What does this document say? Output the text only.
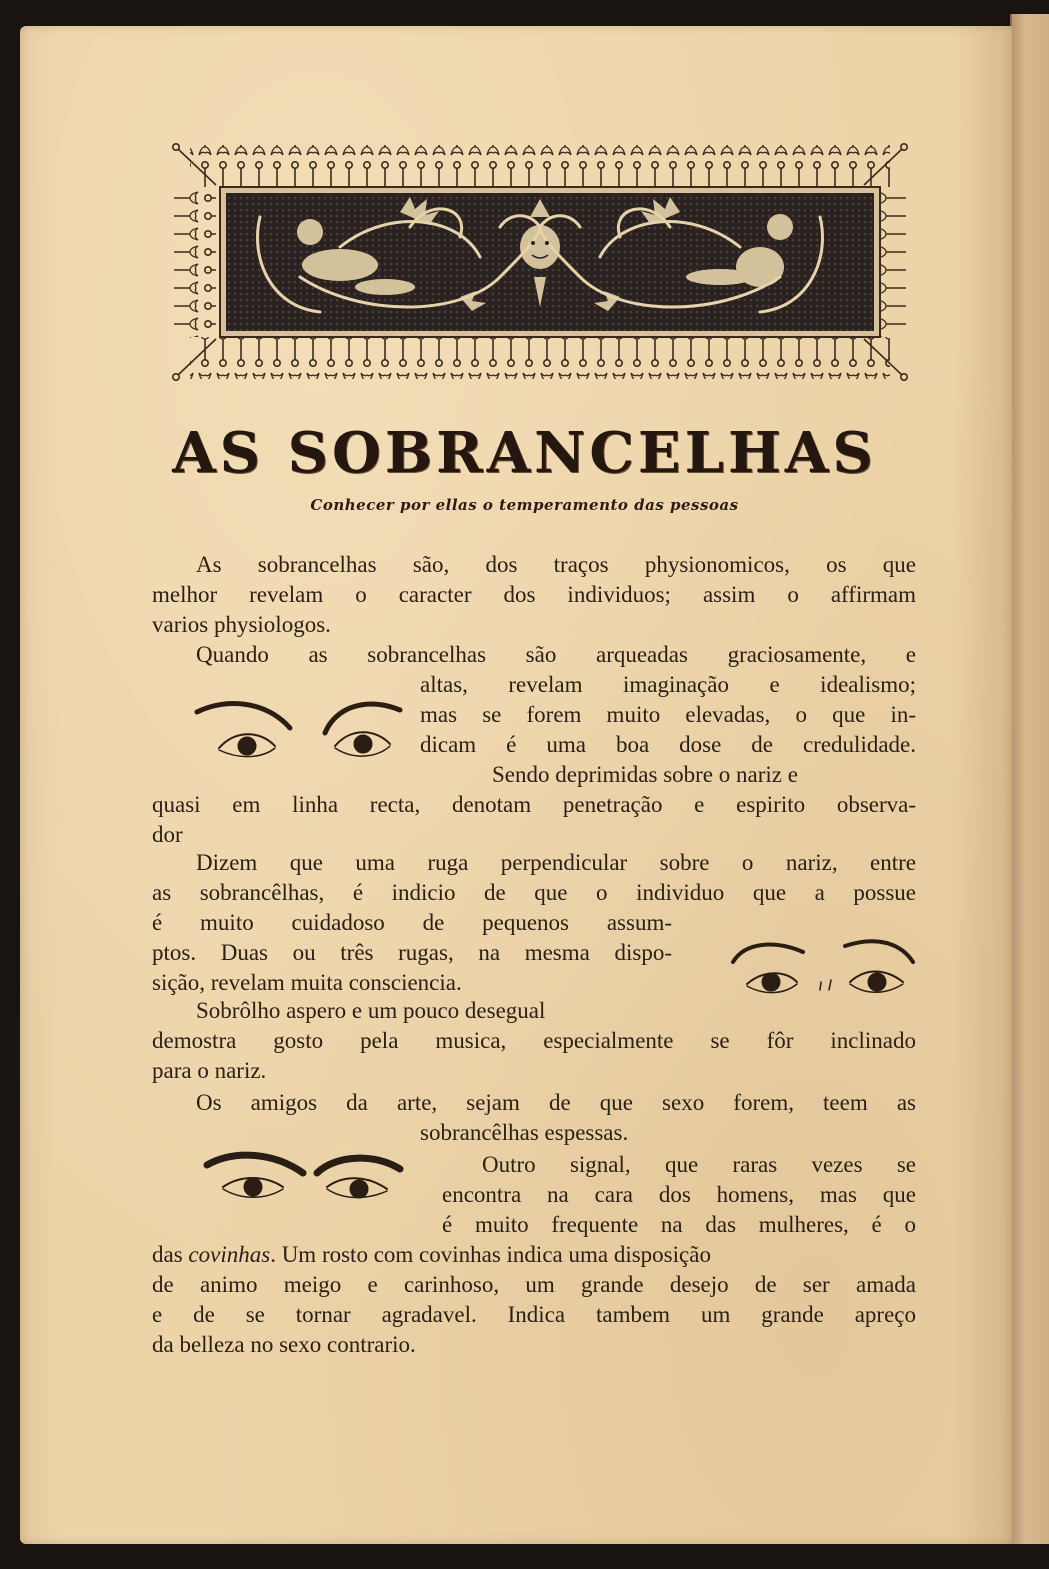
AS SOBRANCELHAS
Conhecer por ellas o temperamento das pessoas
As sobrancelhas são, dos traços physionomicos, os que
melhor revelam o caracter dos individuos; assim o affirmam
varios physiologos.
Quando as sobrancelhas são arqueadas graciosamente, e
altas, revelam imaginação e idealismo;
mas se forem muito elevadas, o que in-
dicam é uma boa dose de credulidade.
Sendo deprimidas sobre o nariz e
quasi em linha recta, denotam penetração e espirito observa-
dor
Dizem que uma ruga perpendicular sobre o nariz, entre
as sobrancêlhas, é indicio de que o individuo que a possue
é muito cuidadoso de pequenos assum-
ptos. Duas ou três rugas, na mesma dispo-
sição, revelam muita consciencia.
Sobrôlho aspero e um pouco desegual
demostra gosto pela musica, especialmente se fôr inclinado
para o nariz.
Os amigos da arte, sejam de que sexo forem, teem as
sobrancêlhas espessas.
Outro signal, que raras vezes se
encontra na cara dos homens, mas que
é muito frequente na das mulheres, é o
das covinhas. Um rosto com covinhas indica uma disposição
de animo meigo e carinhoso, um grande desejo de ser amada
e de se tornar agradavel. Indica tambem um grande apreço
da belleza no sexo contrario.
